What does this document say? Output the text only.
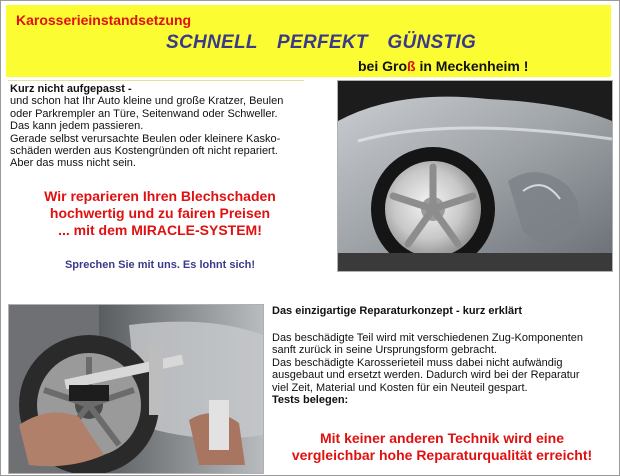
Karosserieinstandsetzung
SCHNELL PERFEKT GÜNSTIG
bei Groß in Meckenheim !
Kurz nicht aufgepasst -
und schon hat Ihr Auto kleine und große Kratzer, Beulen
oder Parkrempler an Türe, Seitenwand oder Schweller.
Das kann jedem passieren.
Gerade selbst verursachte Beulen oder kleinere Kasko-
schäden werden aus Kostengründen oft nicht repariert.
Aber das muss nicht sein.
Wir reparieren Ihren Blechschaden
hochwertig und zu fairen Preisen
... mit dem MIRACLE-SYSTEM!
Sprechen Sie mit uns. Es lohnt sich!
Das einzigartige Reparaturkonzept - kurz erklärt
Das beschädigte Teil wird mit verschiedenen Zug-Komponenten
sanft zurück in seine Ursprungsform gebracht.
Das beschädigte Karosserieteil muss dabei nicht aufwändig
ausgebaut und ersetzt werden. Dadurch wird bei der Reparatur
viel Zeit, Material und Kosten für ein Neuteil gespart.
Tests belegen:
Mit keiner anderen Technik wird eine
vergleichbar hohe Reparaturqualität erreicht!
